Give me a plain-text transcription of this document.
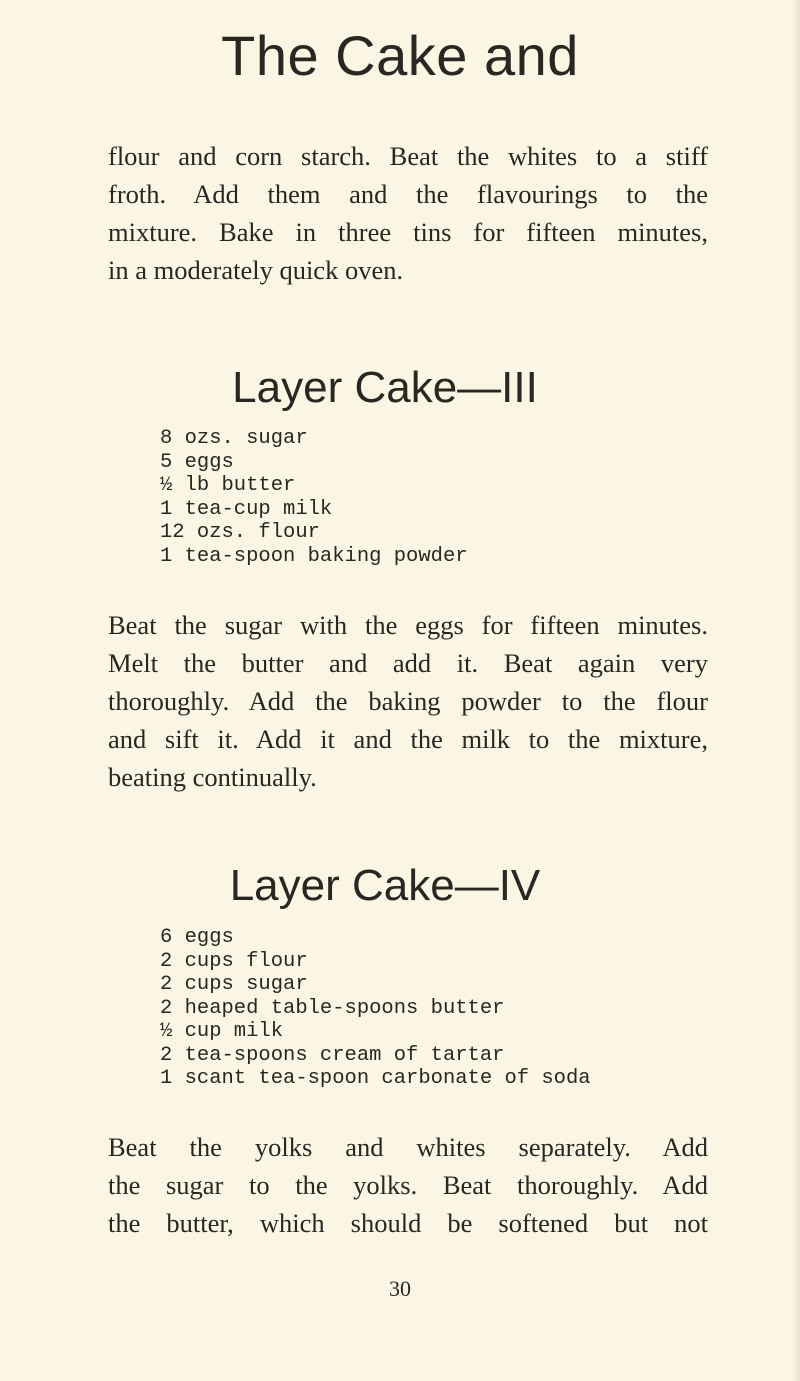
The Cake and

flour and corn starch. Beat the whites to a stiff
froth. Add them and the flavourings to the
mixture. Bake in three tins for fifteen minutes,
in a moderately quick oven.

Layer Cake—III
8 ozs. sugar
5 eggs
½ lb butter
1 tea-cup milk
12 ozs. flour
1 tea-spoon baking powder

Beat the sugar with the eggs for fifteen minutes.
Melt the butter and add it. Beat again very
thoroughly. Add the baking powder to the flour
and sift it. Add it and the milk to the mixture,
beating continually.

Layer Cake—IV
6 eggs
2 cups flour
2 cups sugar
2 heaped table-spoons butter
½ cup milk
2 tea-spoons cream of tartar
1 scant tea-spoon carbonate of soda

Beat the yolks and whites separately. Add
the sugar to the yolks. Beat thoroughly. Add
the butter, which should be softened but not

30
